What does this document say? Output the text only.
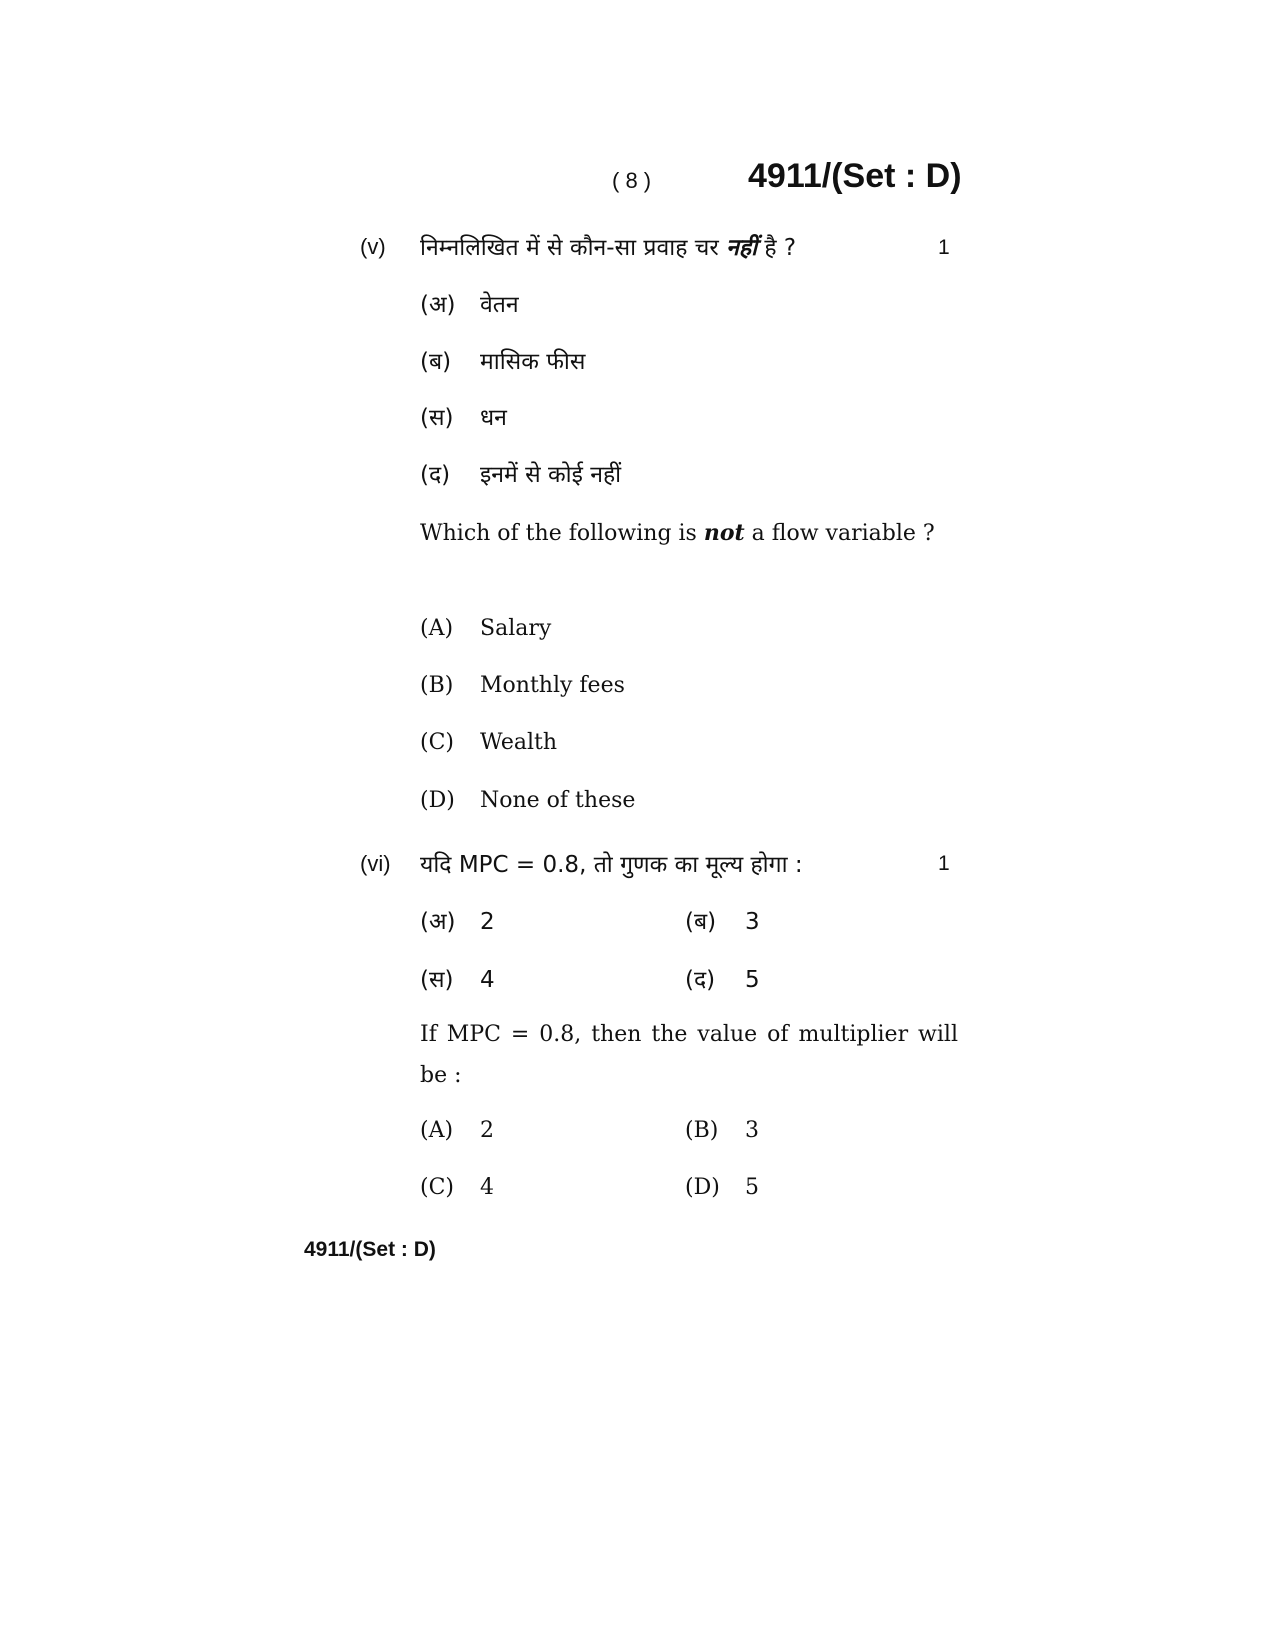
( 8 )	4911/(Set : D)
(v) निम्नलिखित में से कौन-सा प्रवाह चर नहीं है ?	1
(अ) वेतन
(ब) मासिक फीस
(स) धन
(द) इनमें से कोई नहीं
Which of the following is not a flow variable ?
(A) Salary
(B) Monthly fees
(C) Wealth
(D) None of these
(vi) यदि MPC = 0.8, तो गुणक का मूल्य होगा :	1
(अ) 2	(ब) 3
(स) 4	(द) 5
If MPC = 0.8, then the value of multiplier will be :
(A) 2	(B) 3
(C) 4	(D) 5
4911/(Set : D)
